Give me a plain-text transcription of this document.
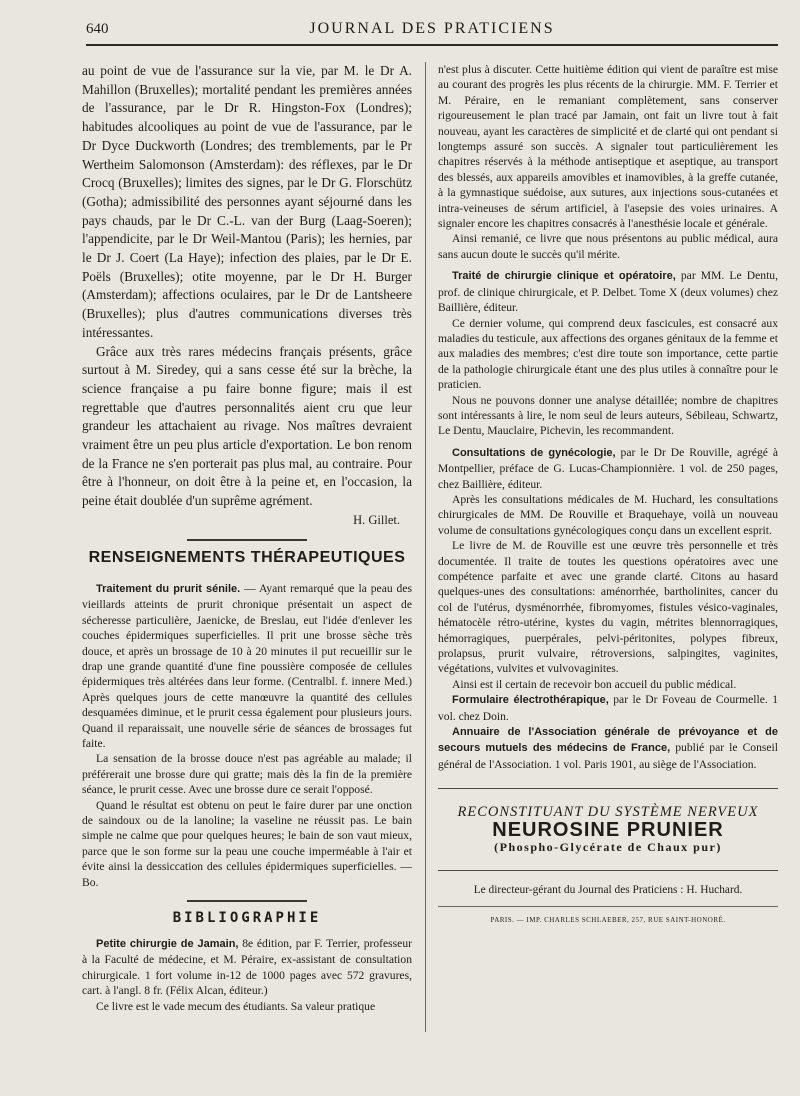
640	JOURNAL DES PRATICIENS

au point de vue de l'assurance sur la vie, par M. le Dr A. Mahillon (Bruxelles); mortalité pendant les premières années de l'assurance, par le Dr R. Hingston-Fox (Londres); habitudes alcooliques au point de vue de l'assurance, par le Dr Dyce Duckworth (Londres; des tremblements, par le Pr Wertheim Salomonson (Amsterdam): des réflexes, par le Dr Crocq (Bruxelles); limites des signes, par le Dr G. Florschütz (Gotha); admissibilité des personnes ayant séjourné dans les pays chauds, par le Dr C.-L. van der Burg (Laag-Soeren); l'appendicite, par le Dr Weil-Mantou (Paris); les hernies, par le Dr J. Coert (La Haye); infection des plaies, par le Dr E. Poëls (Bruxelles); otite moyenne, par le Dr H. Burger (Amsterdam); affections oculaires, par le Dr de Lantsheere (Bruxelles); plus d'autres communications diverses très intéressantes.

Grâce aux très rares médecins français présents, grâce surtout à M. Siredey, qui a sans cesse été sur la brèche, la science française a pu faire bonne figure; mais il est regrettable que d'autres personnalités aient cru que leur grandeur les attachaient au rivage. Nos maîtres devraient vraiment être un peu plus article d'exportation. Le bon renom de la France ne s'en porterait pas plus mal, au contraire. Pour être à l'honneur, on doit être à la peine et, en l'occasion, la peine était doublée d'un suprême agrément.

H. Gillet.
RENSEIGNEMENTS THÉRAPEUTIQUES

Traitement du prurit sénile. — Ayant remarqué que la peau des vieillards atteints de prurit chronique présentait un aspect de sécheresse particulière, Jaenicke, de Breslau, eut l'idée d'enlever les couches épidermiques superficielles. Il prit une brosse sèche très douce, et après un brossage de 10 à 20 minutes il put recueillir sur le drap une grande quantité d'une fine poussière composée de cellules épidermiques très altérées dans leur forme. (Centralbl. f. innere Med.) Après quelques jours de cette manœuvre la quantité des cellules desquamées diminue, et le prurit cessa également pour plusieurs jours. Quand il reparaissait, une nouvelle série de séances de brossages fut faite.

La sensation de la brosse douce n'est pas agréable au malade; il préférerait une brosse dure qui gratte; mais dès la fin de la première séance, le prurit cesse. Avec une brosse dure ce serait l'opposé.

Quand le résultat est obtenu on peut le faire durer par une onction de saindoux ou de la lanoline; la vaseline ne réussit pas. Le bain simple ne calme que pour quelques heures; le bain de son vaut mieux, parce que le son forme sur la peau une couche imperméable à l'air et évite ainsi la dessiccation des cellules épidermiques superficielles. — Bo.

BIBLIOGRAPHIE

Petite chirurgie de Jamain, 8e édition, par F. Terrier, professeur à la Faculté de médecine, et M. Péraire, ex-assistant de consultation chirurgicale. 1 fort volume in-12 de 1000 pages avec 572 gravures, cart. à l'angl. 8 fr. (Félix Alcan, éditeur.)

Ce livre est le vade mecum des étudiants. Sa valeur pratique

n'est plus à discuter. Cette huitième édition qui vient de paraître est mise au courant des progrès les plus récents de la chirurgie. MM. F. Terrier et M. Péraire, en le remaniant complètement, sans conserver rigoureusement le plan tracé par Jamain, ont fait un livre tout à fait nouveau, ayant les caractères de simplicité et de clarté qui ont pendant si longtemps assuré son succès. A signaler tout particulièrement les chapitres réservés à la méthode antiseptique et aseptique, au transport des blessés, aux appareils amovibles et inamovibles, à la greffe cutanée, à la gymnastique suédoise, aux sutures, aux injections sous-cutanées et intra-veineuses de sérum artificiel, à l'asepsie des voies urinaires. A signaler encore les chapitres consacrés à l'anesthésie locale et générale.

Ainsi remanié, ce livre que nous présentons au public médical, aura sans aucun doute le succès qu'il mérite.

Traité de chirurgie clinique et opératoire, par MM. Le Dentu, prof. de clinique chirurgicale, et P. Delbet. Tome X (deux volumes) chez Baillière, éditeur.

Ce dernier volume, qui comprend deux fascicules, est consacré aux maladies du testicule, aux affections des organes génitaux de la femme et aux maladies des membres; c'est dire toute son importance, cette partie de la pathologie chirurgicale étant une des plus utiles à connaître pour le praticien.

Nous ne pouvons donner une analyse détaillée; nombre de chapitres sont intéressants à lire, le nom seul de leurs auteurs, Sébileau, Schwartz, Le Dentu, Mauclaire, Pichevin, les recommandent.

Consultations de gynécologie, par le Dr De Rouville, agrégé à Montpellier, préface de G. Lucas-Championnière. 1 vol. de 250 pages, chez Baillière, éditeur.

Après les consultations médicales de M. Huchard, les consultations chirurgicales de MM. De Rouville et Braquehaye, voilà un nouveau volume de consultations gynécologiques conçu dans un excellent esprit.

Le livre de M. de Rouville est une œuvre très personnelle et très documentée. Il traite de toutes les questions opératoires avec une compétence parfaite et avec une grande clarté. Citons au hasard quelques-unes des consultations: aménorrhée, bartholinites, cancer du col de l'utérus, dysménorrhée, fibromyomes, fistules vésico-vaginales, hématocèle rétro-utérine, kystes du vagin, métrites blennorragiques, hémorragiques, puerpérales, pelvi-péritonites, polypes fibreux, prolapsus, prurit vulvaire, rétroversions, salpingites, vaginites, végétations, vulvites et vulvovaginites.

Ainsi est il certain de recevoir bon accueil du public médical.

Formulaire électrothérapique, par le Dr Foveau de Courmelle. 1 vol. chez Doin.

Annuaire de l'Association générale de prévoyance et de secours mutuels des médecins de France, publié par le Conseil général de l'Association. 1 vol. Paris 1901, au siège de l'Association.

RECONSTITUANT DU SYSTÈME NERVEUX
NEUROSINE PRUNIER
(Phospho-Glycérate de Chaux pur)
Le directeur-gérant du Journal des Praticiens : H. Huchard.
PARIS. — IMP. CHARLES SCHLAEBER, 257, RUE SAINT-HONORÉ.
